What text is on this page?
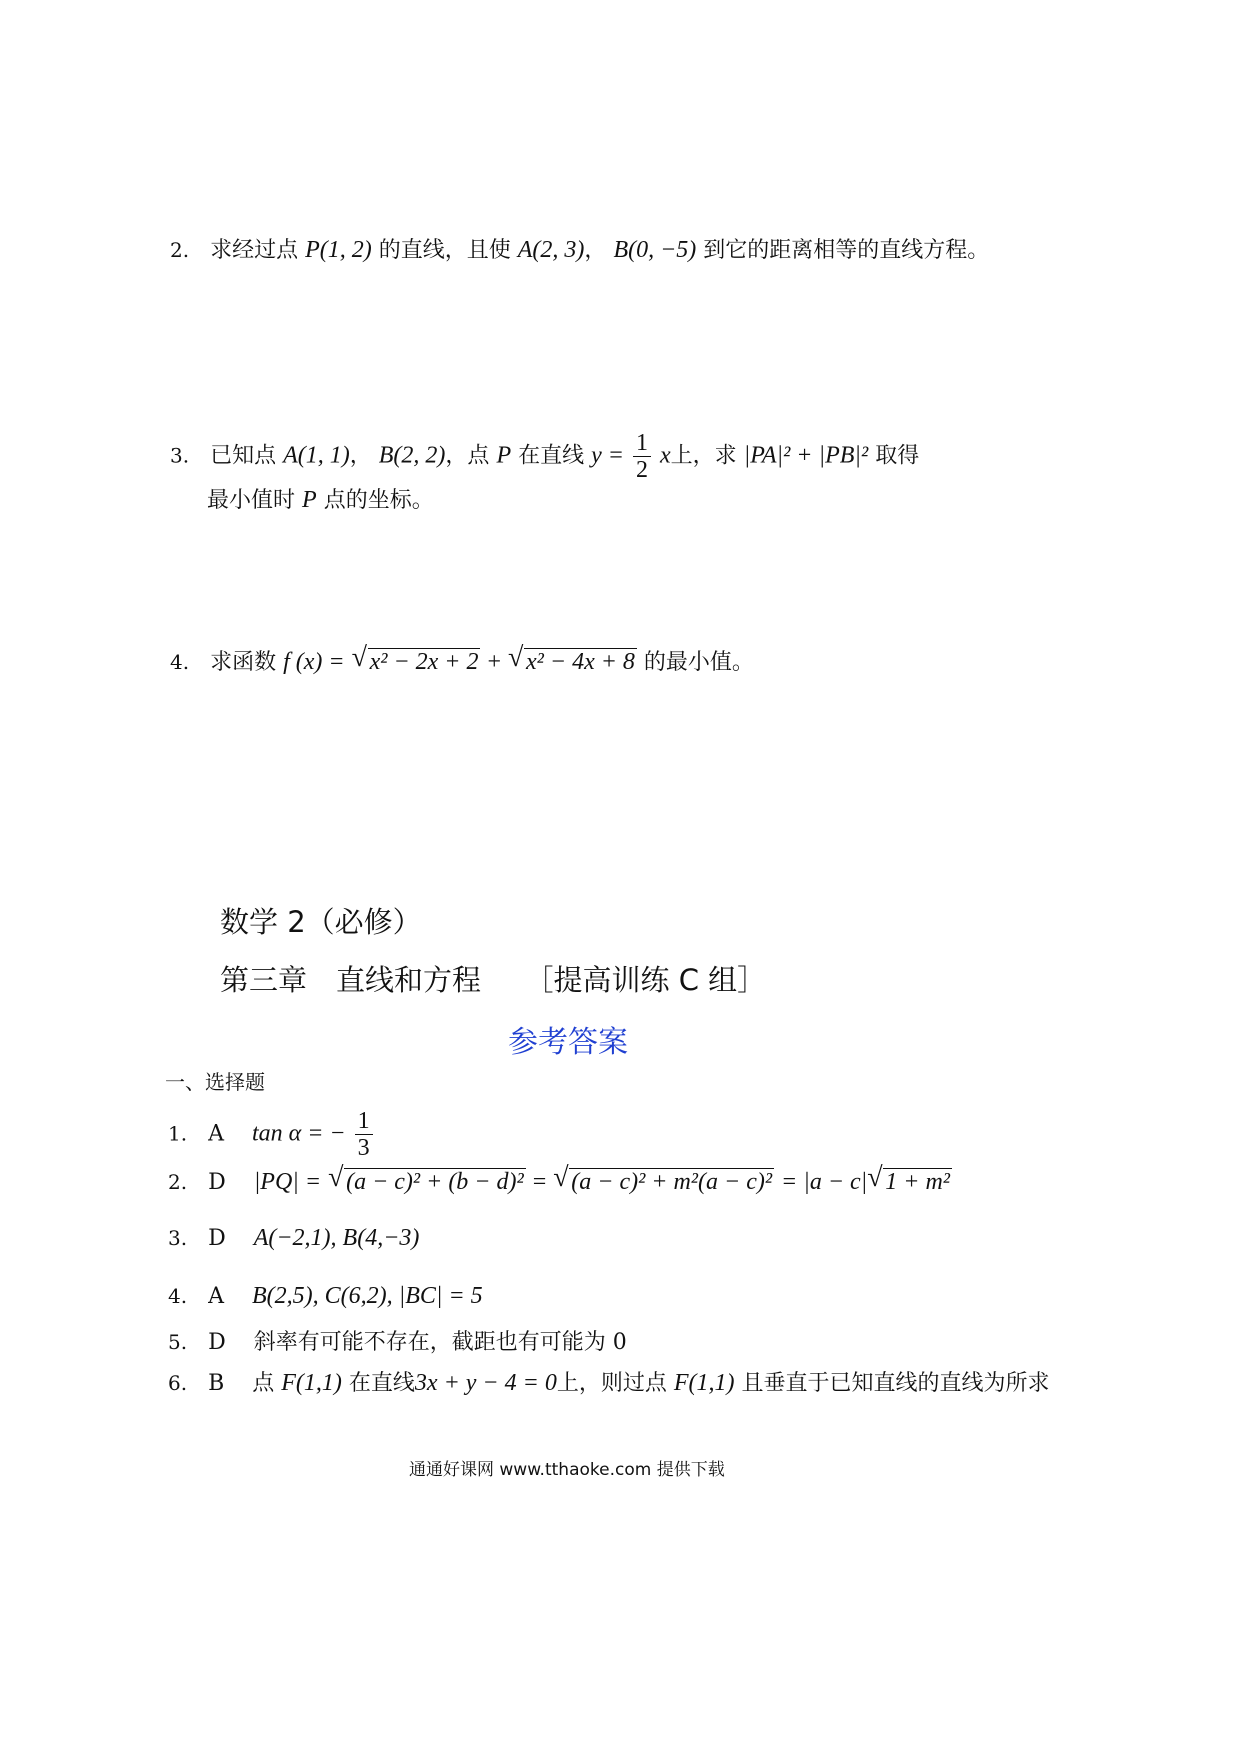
2. 求经过点 P(1, 2) 的直线，且使 A(2, 3)， B(0, −5) 到它的距离相等的直线方程。
3. 已知点 A(1, 1)， B(2, 2)，点 P 在直线 $y = \frac{1}{2}$ x上，求 |PA|² + |PB|² 取得
最小值时 P 点的坐标。
4. 求函数 f (x) = √ x² − 2x + 2 + √ x² − 4x + 8 的最小值。
数学 2（必修）
第三章　直线和方程　　［提高训练 C 组］
参考答案
一、选择题
1. A tan α = − $\frac{1}{3}$
2. D |PQ| = √ (a − c)² + (b − d)² = √ (a − c)² + m²(a − c)² = |a − c| √ 1 + m²
3. D A(−2,1), B(4,−3)
4. A B(2,5), C(6,2), |BC| = 5
5. D 斜率有可能不存在，截距也有可能为 0
6. B 点 F(1,1) 在直线3x + y − 4 = 0上，则过点 F(1,1) 且垂直于已知直线的直线为所求
通通好课网 www.tthaoke.com 提供下载
